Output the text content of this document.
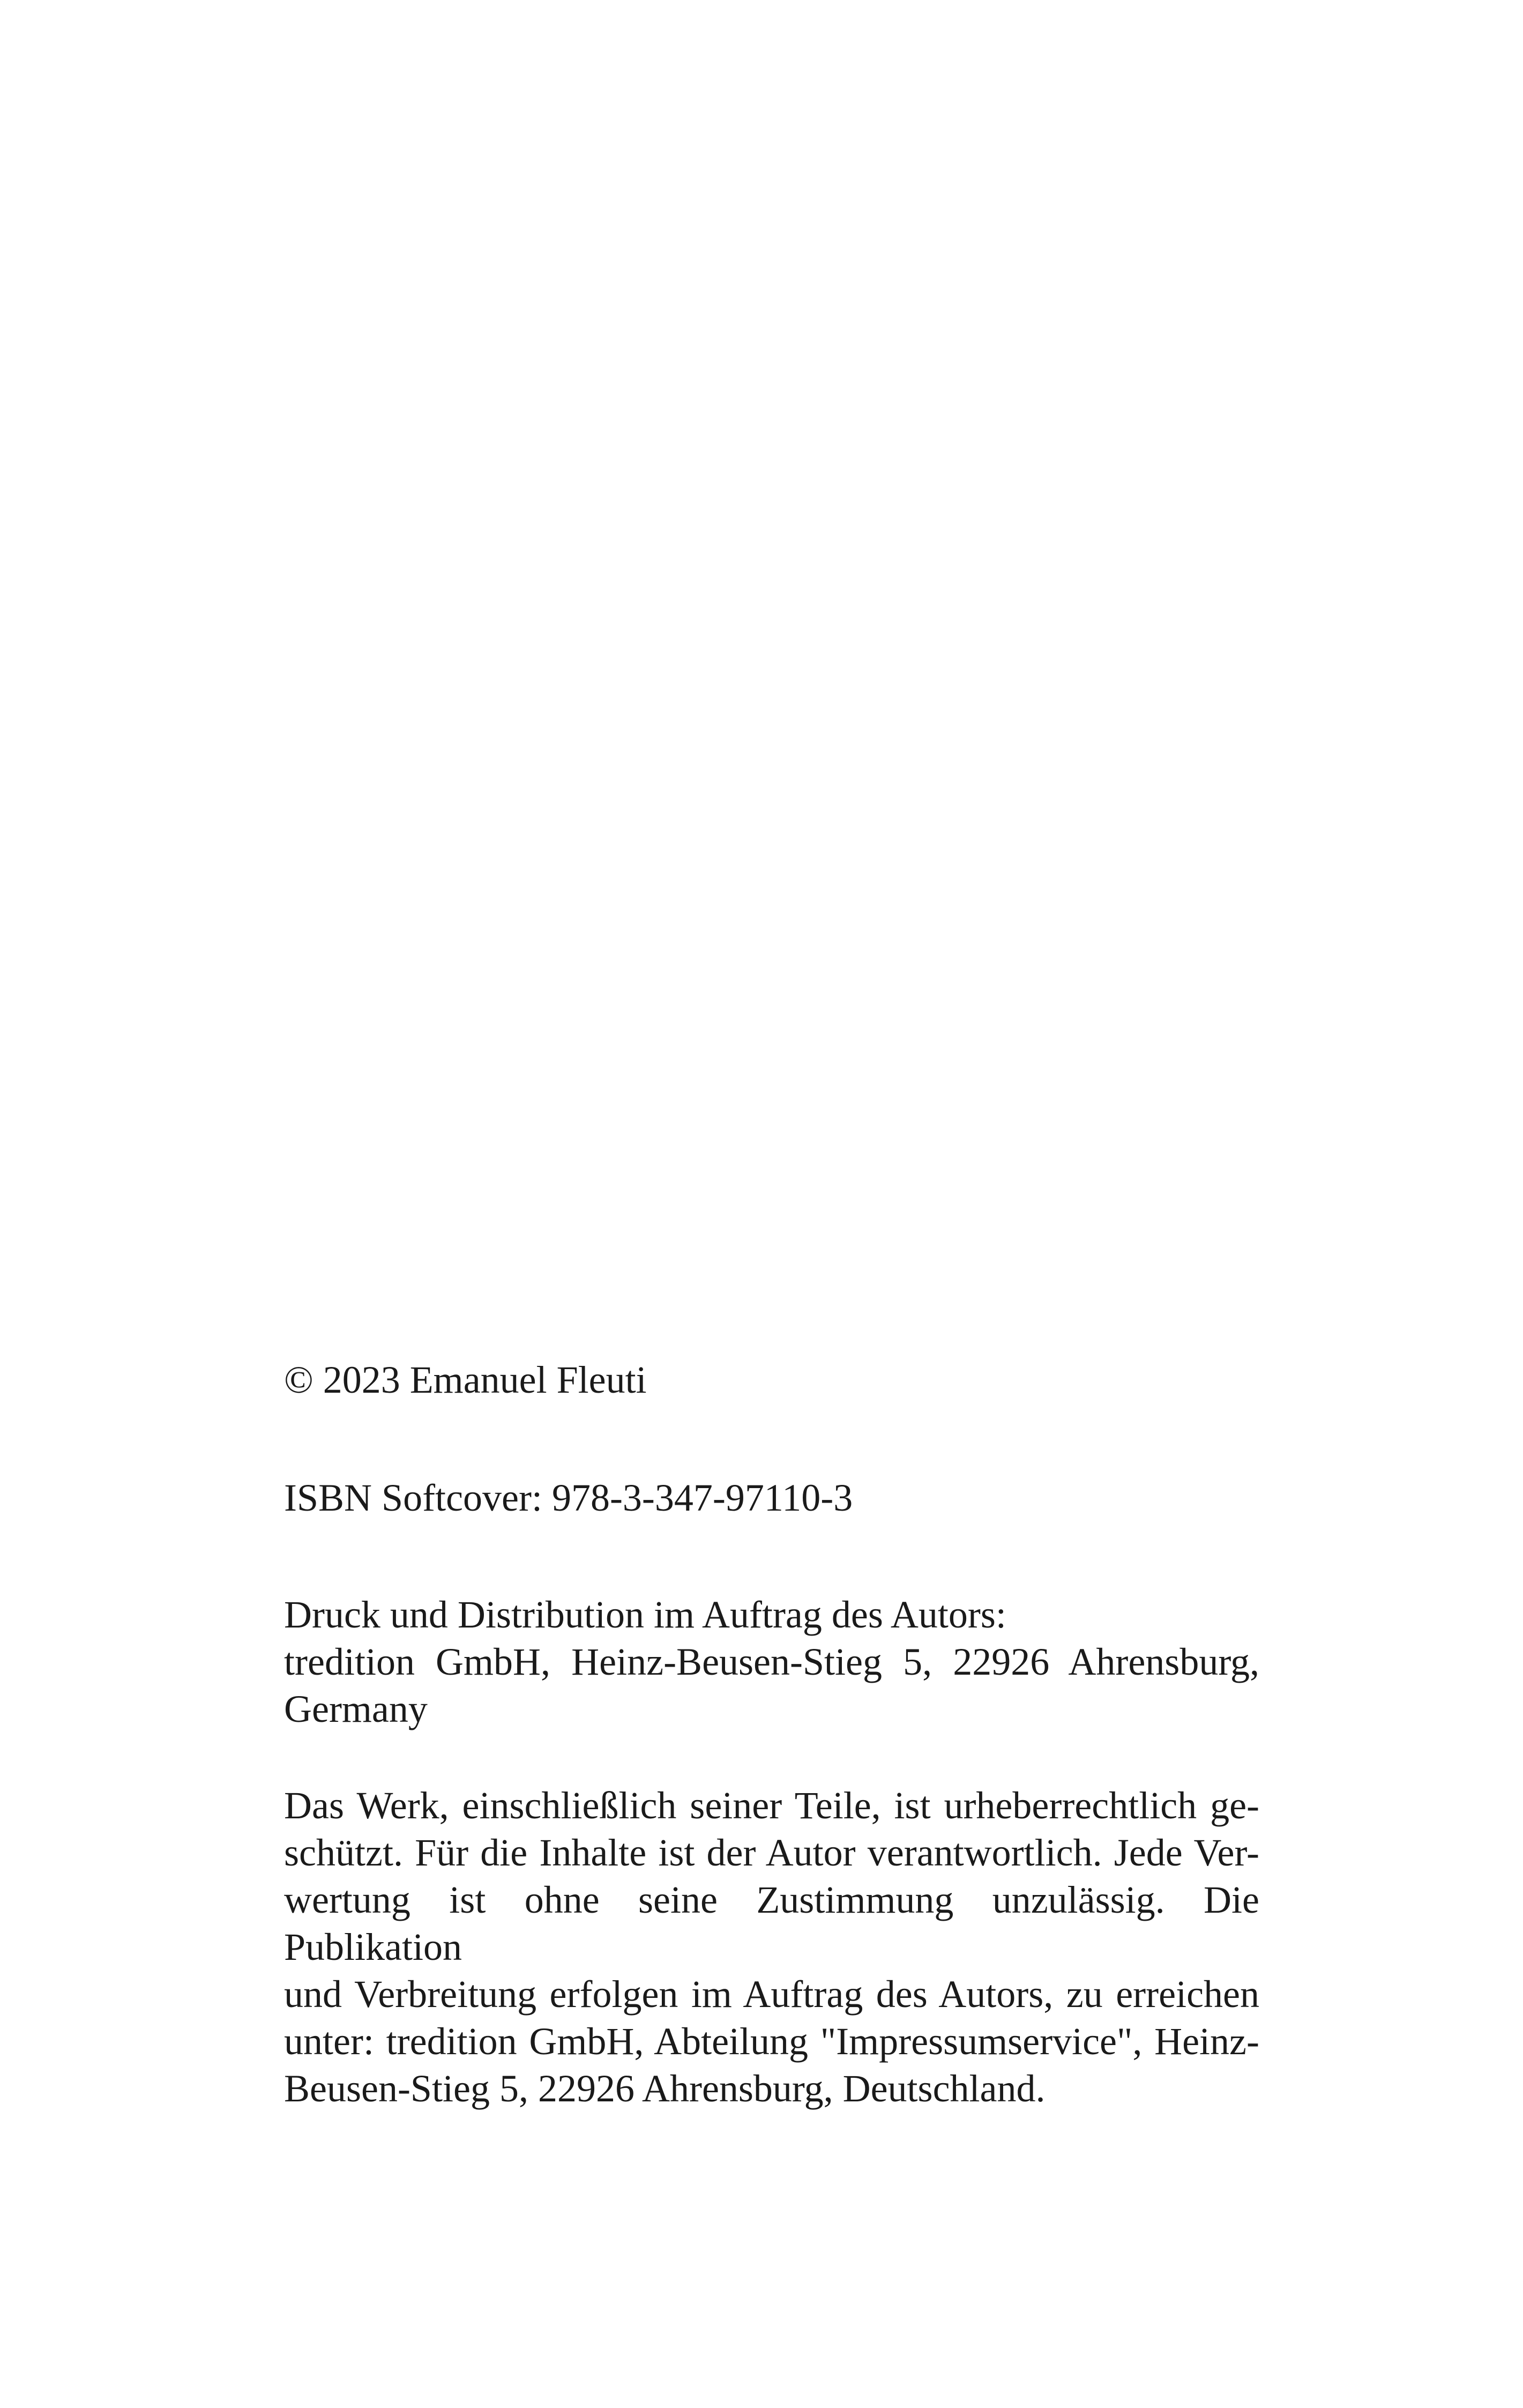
© 2023 Emanuel Fleuti
ISBN Softcover: 978-3-347-97110-3
Druck und Distribution im Auftrag des Autors:
tredition GmbH, Heinz-Beusen-Stieg 5, 22926 Ahrensburg,
Germany
Das Werk, einschließlich seiner Teile, ist urheberrechtlich ge-
schützt. Für die Inhalte ist der Autor verantwortlich. Jede Ver-
wertung ist ohne seine Zustimmung unzulässig. Die Publikation
und Verbreitung erfolgen im Auftrag des Autors, zu erreichen
unter: tredition GmbH, Abteilung "Impressumservice", Heinz-
Beusen-Stieg 5, 22926 Ahrensburg, Deutschland.
